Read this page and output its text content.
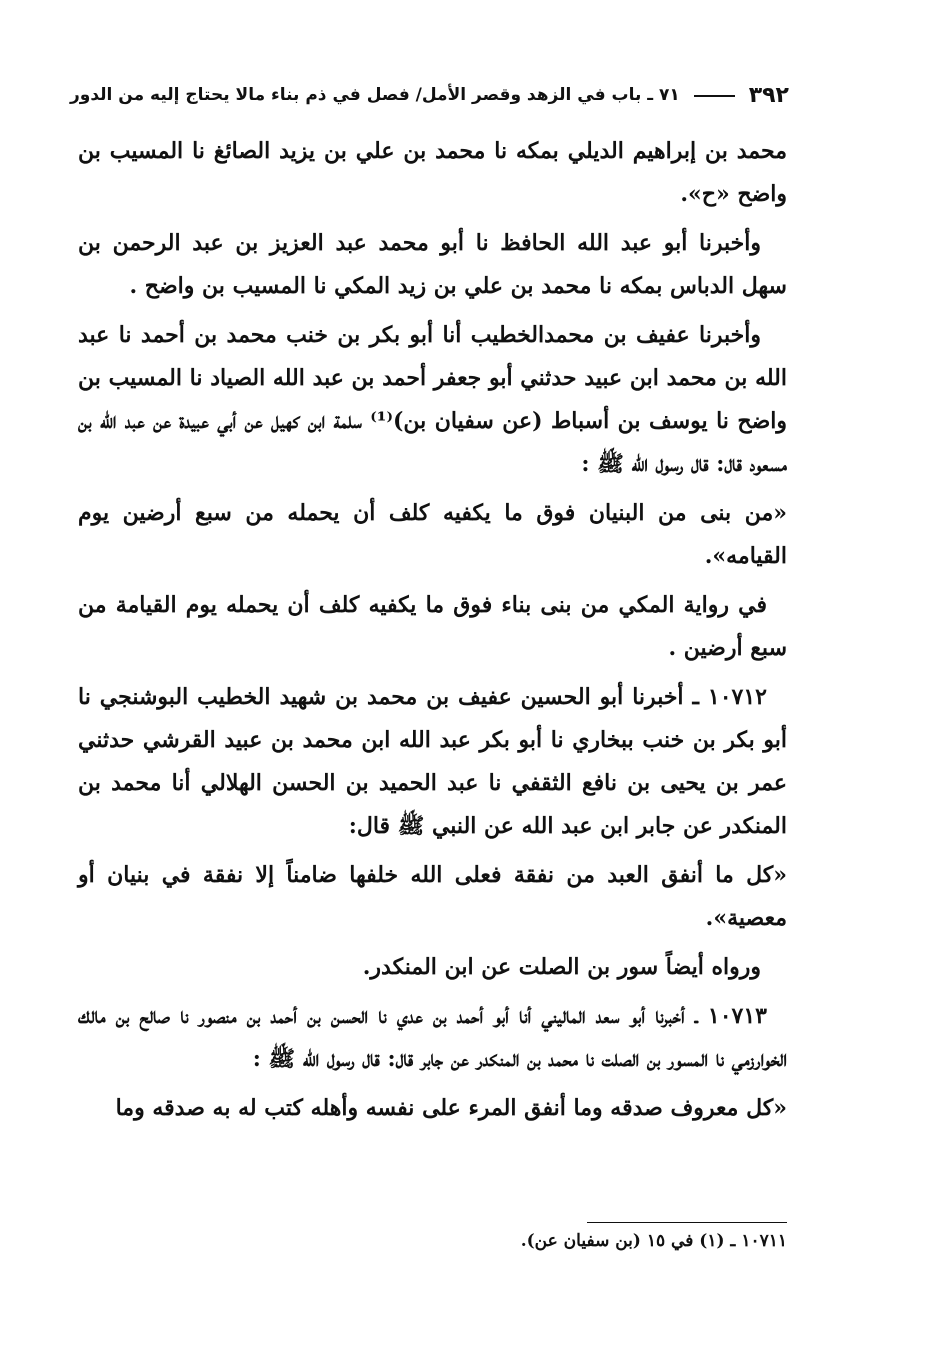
٣٩٢
٧١ ـ باب في الزهد وقصر الأمل/ فصل في ذم بناء مالا يحتاج إليه من الدور

محمد بن إبراهيم الديلي بمكه نا محمد بن علي بن يزيد الصائغ نا المسيب بن واضح «ح».

وأخبرنا أبو عبد الله الحافظ نا أبو محمد عبد العزيز بن عبد الرحمن بن سهل الدباس بمكه نا محمد بن علي بن زيد المكي نا المسيب بن واضح .

وأخبرنا عفيف بن محمدالخطيب أنا أبو بكر بن خنب محمد بن أحمد نا عبد الله بن محمد ابن عبيد حدثني أبو جعفر أحمد بن عبد الله الصياد نا المسيب بن واضح نا يوسف بن أسباط (عن سفيان بن)⁽¹⁾ سلمة ابن كهيل عن أبي عبيدة عن عبد الله بن مسعود قال: قال رسول الله ﷺ :

«من بنى من البنيان فوق ما يكفيه كلف أن يحمله من سبع أرضين يوم القيامه».

في رواية المكي من بنى بناء فوق ما يكفيه كلف أن يحمله يوم القيامة من سبع أرضين .

١٠٧١٢ ـ أخبرنا أبو الحسين عفيف بن محمد بن شهيد الخطيب البوشنجي نا أبو بكر بن خنب ببخاري نا أبو بكر عبد الله ابن محمد بن عبيد القرشي حدثني عمر بن يحيى بن نافع الثقفي نا عبد الحميد بن الحسن الهلالي أنا محمد بن المنكدر عن جابر ابن عبد الله عن النبي ﷺ قال:

«كل ما أنفق العبد من نفقة فعلى الله خلفها ضامناً إلا نفقة في بنيان أو معصية».

ورواه أيضاً سور بن الصلت عن ابن المنكدر.

١٠٧١٣ ـ أخبرنا أبو سعد الماليني أنا أبو أحمد بن عدي نا الحسن بن أحمد بن منصور نا صالح بن مالك الخوارزمي نا المسور بن الصلت نا محمد بن المنكدر عن جابر قال: قال رسول الله ﷺ :

«كل معروف صدقه وما أنفق المرء على نفسه وأهله كتب له به صدقه وما

١٠٧١١ ـ (١) في ١٥ (بن سفيان عن).
